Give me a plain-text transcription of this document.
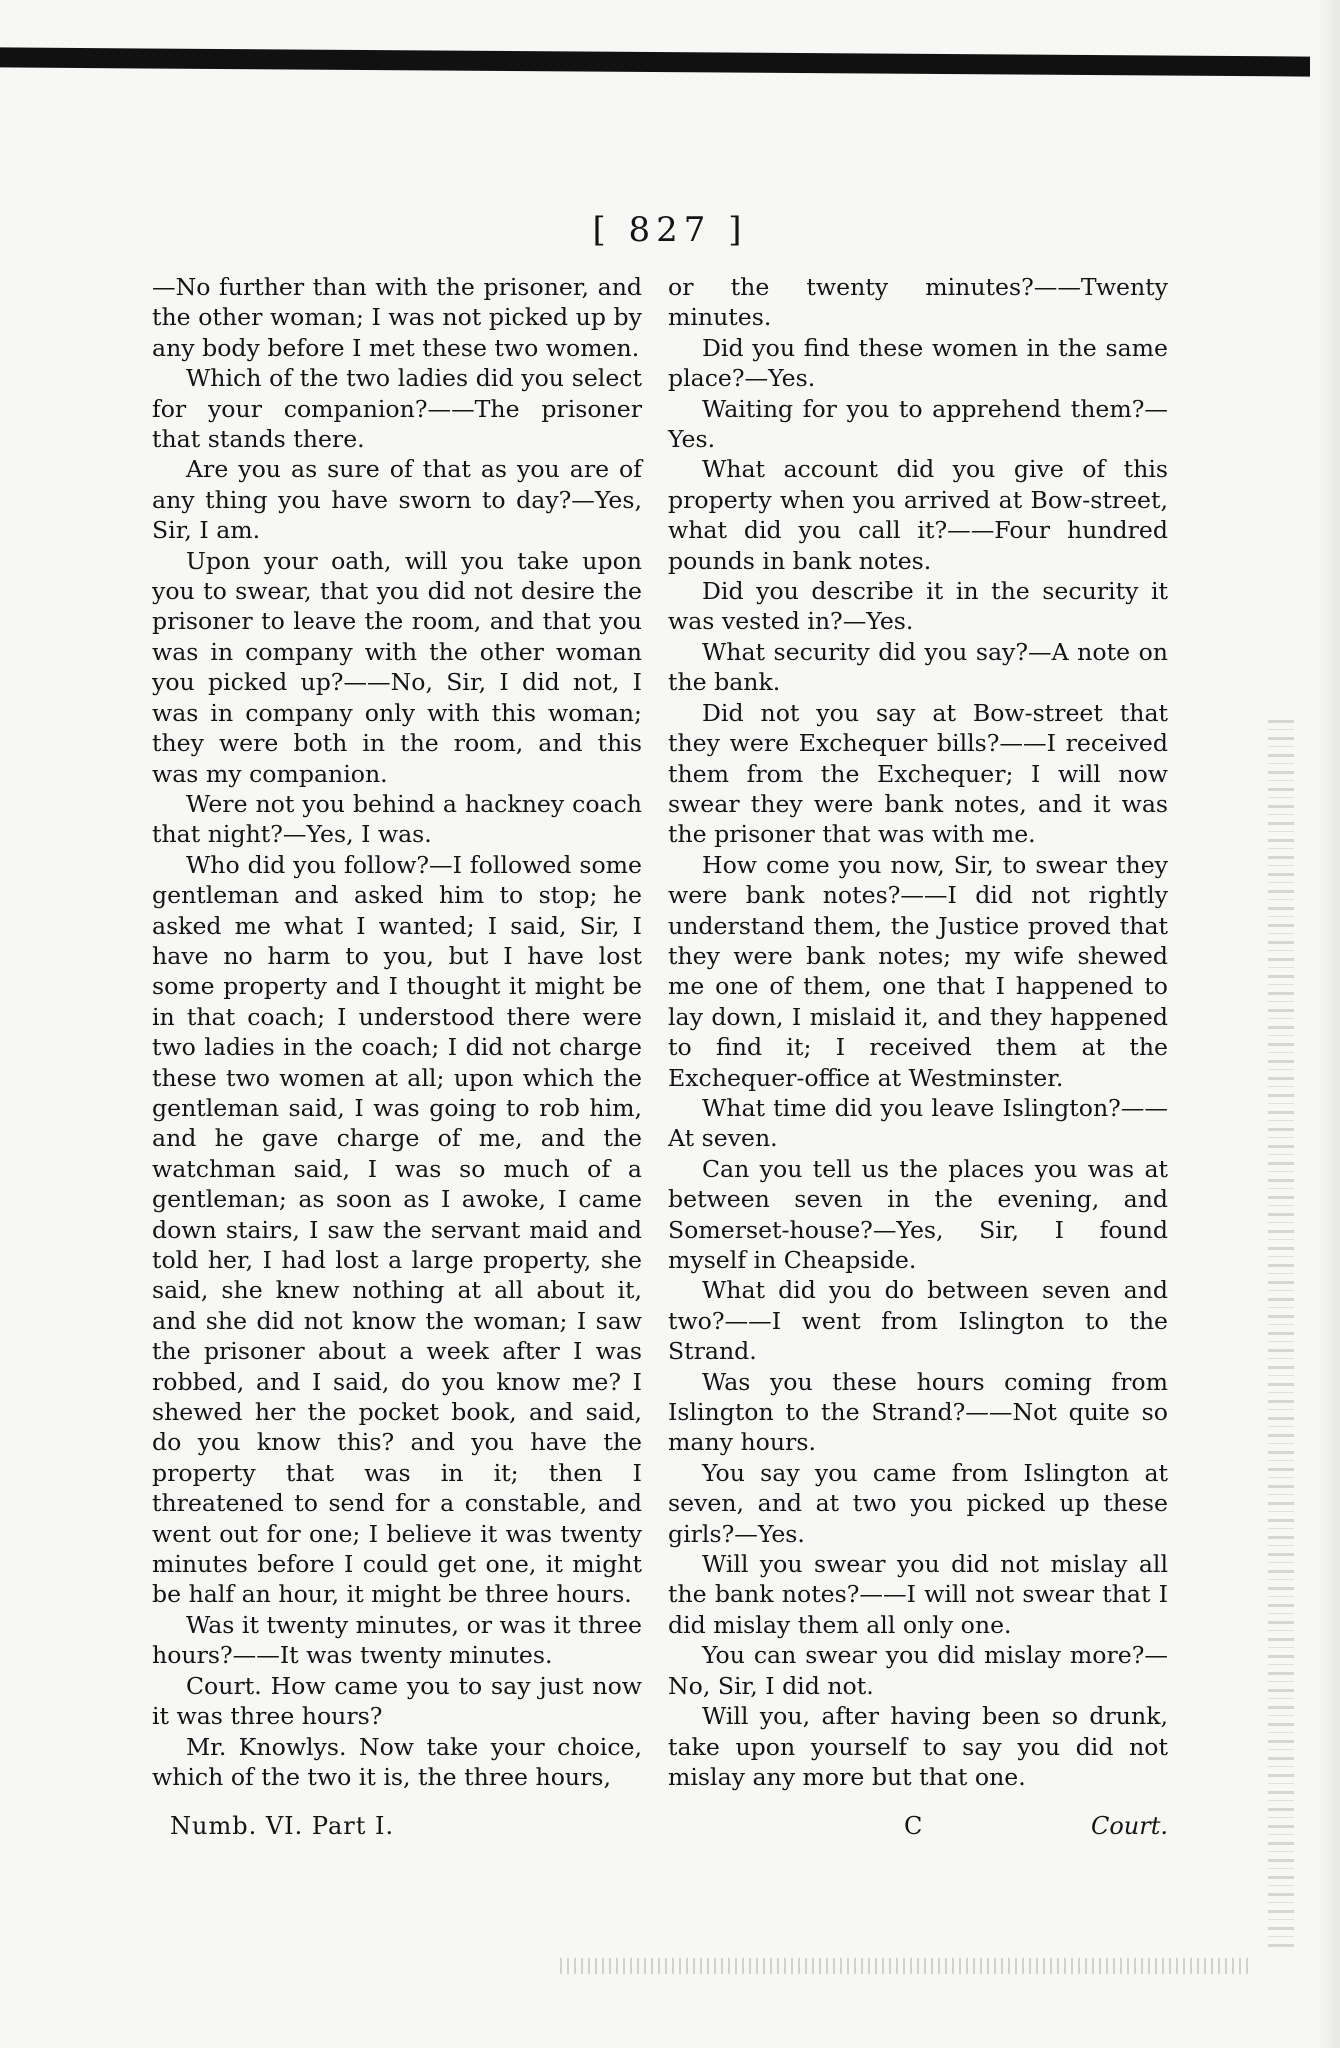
[ 827 ]

—No further than with the prisoner, and the other woman; I was not picked up by any body before I met these two women.

Which of the two ladies did you select for your companion?——The prisoner that stands there.

Are you as sure of that as you are of any thing you have sworn to day?—Yes, Sir, I am.

Upon your oath, will you take upon you to swear, that you did not desire the prisoner to leave the room, and that you was in company with the other woman you picked up?——No, Sir, I did not, I was in company only with this woman; they were both in the room, and this was my companion.

Were not you behind a hackney coach that night?—Yes, I was.

Who did you follow?—I followed some gentleman and asked him to stop; he asked me what I wanted; I said, Sir, I have no harm to you, but I have lost some property and I thought it might be in that coach; I understood there were two ladies in the coach; I did not charge these two women at all; upon which the gentleman said, I was going to rob him, and he gave charge of me, and the watchman said, I was so much of a gentleman; as soon as I awoke, I came down stairs, I saw the servant maid and told her, I had lost a large property, she said, she knew nothing at all about it, and she did not know the woman; I saw the prisoner about a week after I was robbed, and I said, do you know me? I shewed her the pocket book, and said, do you know this? and you have the property that was in it; then I threatened to send for a constable, and went out for one; I believe it was twenty minutes before I could get one, it might be half an hour, it might be three hours.

Was it twenty minutes, or was it three hours?——It was twenty minutes.

Court. How came you to say just now it was three hours?

Mr. Knowlys. Now take your choice, which of the two it is, the three hours,

or the twenty minutes?——Twenty minutes.

Did you find these women in the same place?—Yes.

Waiting for you to apprehend them?—Yes.

What account did you give of this property when you arrived at Bow-street, what did you call it?——Four hundred pounds in bank notes.

Did you describe it in the security it was vested in?—Yes.

What security did you say?—A note on the bank.

Did not you say at Bow-street that they were Exchequer bills?——I received them from the Exchequer; I will now swear they were bank notes, and it was the prisoner that was with me.

How come you now, Sir, to swear they were bank notes?——I did not rightly understand them, the Justice proved that they were bank notes; my wife shewed me one of them, one that I happened to lay down, I mislaid it, and they happened to find it; I received them at the Exchequer-office at Westminster.

What time did you leave Islington?——At seven.

Can you tell us the places you was at between seven in the evening, and Somerset-house?—Yes, Sir, I found myself in Cheapside.

What did you do between seven and two?——I went from Islington to the Strand.

Was you these hours coming from Islington to the Strand?——Not quite so many hours.

You say you came from Islington at seven, and at two you picked up these girls?—Yes.

Will you swear you did not mislay all the bank notes?——I will not swear that I did mislay them all only one.

You can swear you did mislay more?—No, Sir, I did not.

Will you, after having been so drunk, take upon yourself to say you did not mislay any more but that one.

Numb. VI. Part I.	C	Court.
